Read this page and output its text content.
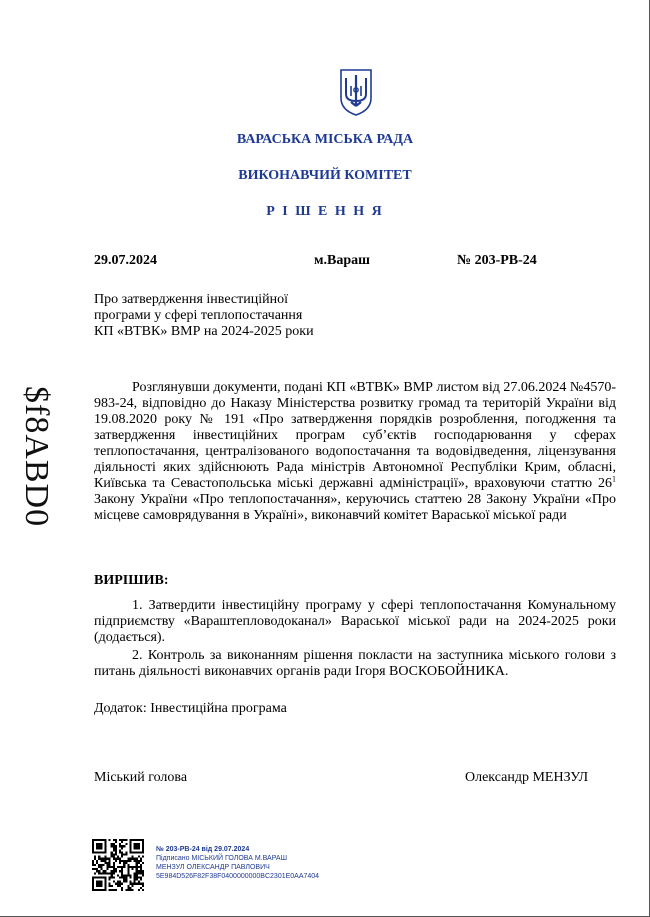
ВАРАСЬКА МІСЬКА РАДА
ВИКОНАВЧИЙ КОМІТЕТ
Р І Ш Е Н Н Я
$f8ABD0
29.07.2024	м.Вараш	№ 203-РВ-24
Про затвердження інвестиційної
програми у сфері теплопостачання
КП «ВТВК» ВМР на 2024-2025 роки
Розглянувши документи, подані КП «ВТВК» ВМР листом від 27.06.2024 №4570-983-24, відповідно до Наказу Міністерства розвитку громад та територій України від 19.08.2020 року № 191 «Про затвердження порядків розроблення, погодження та затвердження інвестиційних програм суб’єктів господарювання у сферах теплопостачання, централізованого водопостачання та водовідведення, ліцензування діяльності яких здійснюють Рада міністрів Автономної Республіки Крим, обласні, Київська та Севастопольська міські державні адміністрації», враховуючи статтю $26^1$ Закону України «Про теплопостачання», керуючись статтею 28 Закону України «Про місцеве самоврядування в Україні», виконавчий комітет Вараської міської ради
ВИРІШИВ:
1. Затвердити інвестиційну програму у сфері теплопостачання Комунальному підприємству «Вараштепловодоканал» Вараської міської ради на 2024-2025 роки (додається).
2. Контроль за виконанням рішення покласти на заступника міського голови з питань діяльності виконавчих органів ради Ігоря ВОСКОБОЙНИКА.
Додаток: Інвестиційна програма
Міський голова	Олександр МЕНЗУЛ
№ 203-РВ-24 від 29.07.2024
Підписано МІСЬКИЙ ГОЛОВА М.ВАРАШ
МЕНЗУЛ ОЛЕКСАНДР ПАВЛОВИЧ
5E984D526F82F38F0400000000BC2301E0AA7404
